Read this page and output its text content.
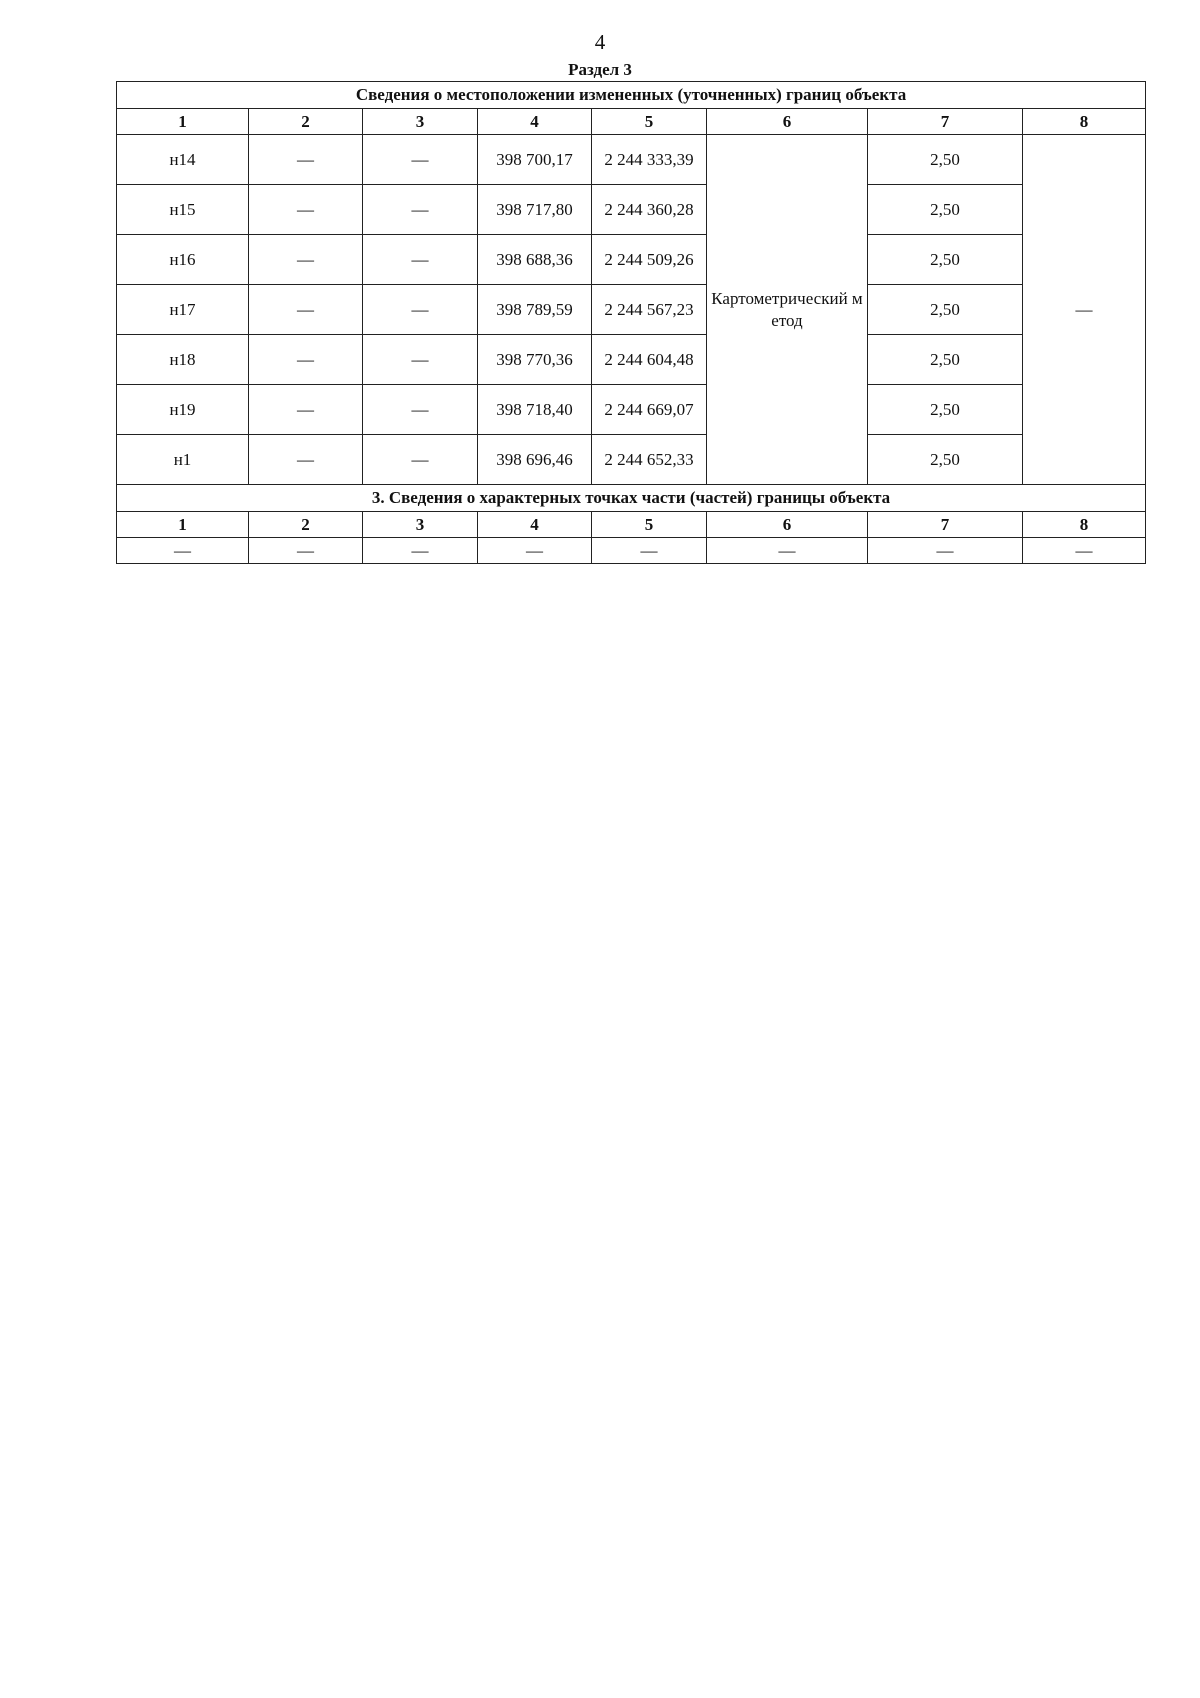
4
Раздел 3
Сведения о местоположении измененных (уточненных) границ объекта							
1	2	3	4	5	6	7	8
н14	—	—	398 700,17	2 244 333,39	Картометрический метод	2,50	—
н15	—	—	398 717,80	2 244 360,28		2,50	
н16	—	—	398 688,36	2 244 509,26		2,50	
н17	—	—	398 789,59	2 244 567,23		2,50	
н18	—	—	398 770,36	2 244 604,48		2,50	
н19	—	—	398 718,40	2 244 669,07		2,50	
н1	—	—	398 696,46	2 244 652,33		2,50	
3. Сведения о характерных точках части (частей) границы объекта							
1	2	3	4	5	6	7	8
—	—	—	—	—	—	—	—
